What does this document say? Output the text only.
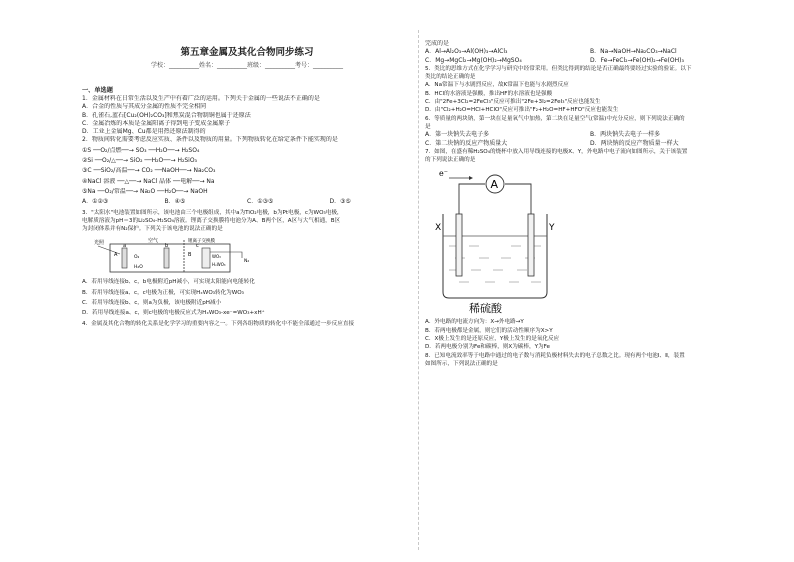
第五章金属及其化合物同步练习
学校：__________姓名：__________班级：__________考号：__________
一、单选题
1．金属材料在日常生活以及生产中有着广泛的运用。下列关于金属的一些说法不正确的是
A．合金的性质与其成分金属的性质不完全相同
B．孔雀石,蓝石[Cu₂(OH)₂CO₃]和焦炭混合物制铜也属于还原法
C．金属冶炼的本质是金属阳离子得到电子变成金属原子
D．工业上金属Mg、Cu都是用热还原法制得的
2．物质间转化需要考虑反应实质、条件以及物质的用量。下列物质转化在给定条件下能实现的是
①S ──O₂/点燃──→ SO₃ ──H₂O──→ H₂SO₄
②Si ──O₂/△──→ SiO₂ ──H₂O──→ H₂SiO₃
③C ──SiO₂/高温──→ CO₂ ──NaOH──→ Na₂CO₃
④NaCl 溶液 ──△──→ NaCl 晶体 ──电解──→ Na
⑤Na ──O₂/常温──→ Na₂O ──H₂O──→ NaOH
A．①②③	B．④⑤	C．①③⑤	D．③⑤
3．"太阳水"电池装置如图所示，该电池由三个电极组成，其中a为TiO₂电极，b为Pt电极，c为WO₃电极，
电解质溶液为pH＝3的Li₂SO₄-H₂SO₄溶液。锂离子交换膜将电池分为A、B两个区，A区与大气相通，B区
为封闭体系并有N₂保护。下列关于该电池的说法正确的是
光照	空气	锂离子交换膜
A	B
a	b	c
O₂
H₂O
N₂
WO₃
HₓWO₃
A．若用导线连接b、c，b电极附近pH减小，可实现太阳能向电能转化
B．若用导线连接a、c，c电极为正极，可实现HₓWO₃转化为WO₃
C．若用导线连接b、c，则a为负极，该电极附近pH减小
D．若用导线连接a、c，则c电极的电极反应式为HₓWO₃-xe⁻=WO₃+xH⁺
4．金属及其化合物的转化关系是化学学习的重要内容之一。下列各组物质的转化中不能全部通过一步反应直接
完成的是
A．Al→Al₂O₃→Al(OH)₃→AlCl₃	B．Na→NaOH→Na₂CO₃→NaCl
C．Mg→MgCl₂→Mg(OH)₂→MgSO₄	D．Fe→FeCl₂→Fe(OH)₂→Fe(OH)₃
5．类比的思维方式在化学学习与研究中经常采用。但类比得到的结论是否正确最终要经过实验的验证。以下
类比的结论正确的是
A．Na常温下与水剧烈反应，故K常温下也能与水剧烈反应
B．HCl的水溶液是强酸，推出HF的水溶液也是强酸
C．由"2Fe+3Cl₂=2FeCl₃"反应可推出"2Fe+3I₂=2FeI₃"反应也能发生
D．由"Cl₂+H₂O=HCl+HClO"反应可推出"F₂+H₂O=HF+HFO"反应也能发生
6．等质量的两块钠，第一块在足量氧气中加热，第二块在足量空气(常温)中充分反应，则下列说法正确的
是
A．第一块钠失去电子多	B．两块钠失去电子一样多
C．第二块钠的反应产物质量大	D．两块钠的反应产物质量一样大
7．如图，在盛有稀H₂SO₄的烧杯中放入用导线连接的电极X、Y，外电路中电子流向如图所示，关于该装置
的下列说法正确的是
e⁻
A
X	Y
稀硫酸
A．外电路的电流方向为：X→外电路→Y
B．若两电极都是金属，则它们的活动性顺序为X>Y
C．X极上发生的是还原反应，Y极上发生的是氧化反应
D．若两电极分别为Fe和碳棒，则X为碳棒，Y为Fe
8．已知电流效率等于电路中通过的电子数与消耗负极材料失去的电子总数之比。现有两个电池Ⅰ、Ⅱ，装置
如图所示，下列说法正确的是
